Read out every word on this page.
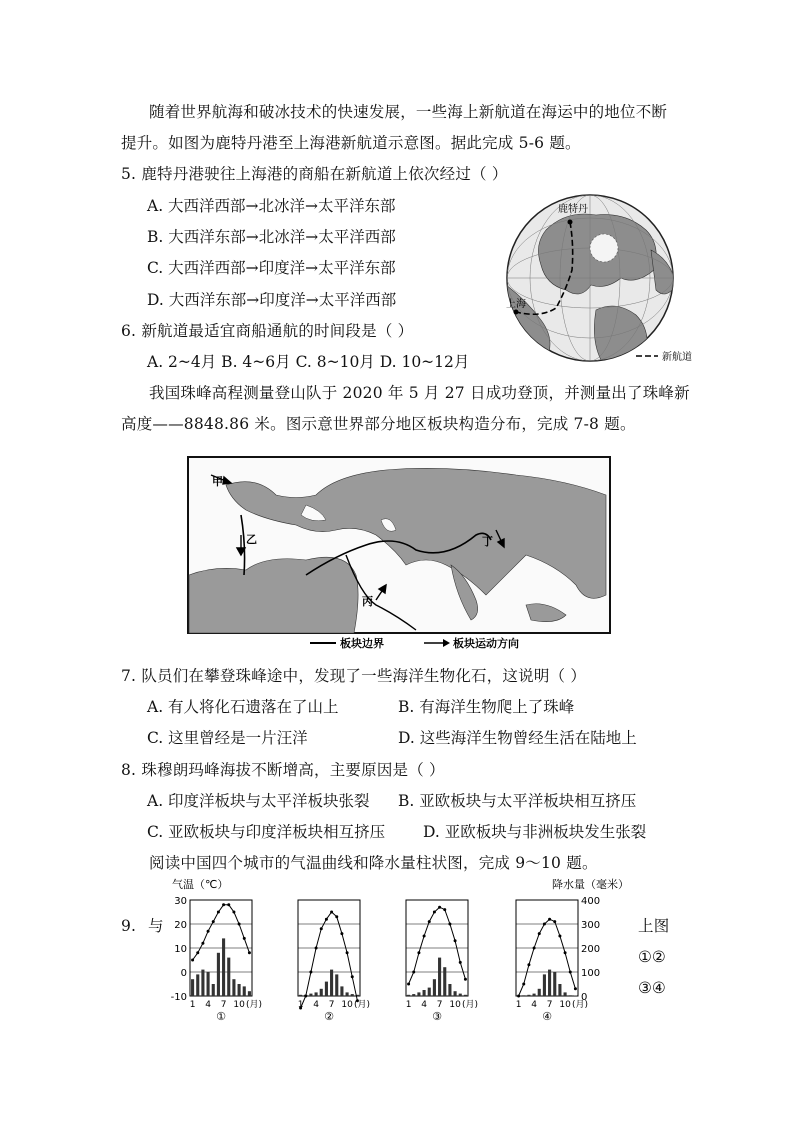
随着世界航海和破冰技术的快速发展，一些海上新航道在海运中的地位不断
提升。如图为鹿特丹港至上海港新航道示意图。据此完成 5-6 题。
5. 鹿特丹港驶往上海港的商船在新航道上依次经过（ ）
A. 大西洋西部→北冰洋→太平洋东部
B. 大西洋东部→北冰洋→太平洋西部
C. 大西洋西部→印度洋→太平洋东部
D. 大西洋东部→印度洋→太平洋西部
6. 新航道最适宜商船通航的时间段是（ ）
A. 2~4月 B. 4~6月 C. 8~10月 D. 10~12月
鹿特丹
上海
新航道
我国珠峰高程测量登山队于 2020 年 5 月 27 日成功登顶，并测量出了珠峰新
高度——8848.86 米。图示意世界部分地区板块构造分布，完成 7-8 题。
甲
乙
丙
丁
板块边界	板块运动方向
7. 队员们在攀登珠峰途中，发现了一些海洋生物化石，这说明（ ）
A. 有人将化石遗落在了山上	B. 有海洋生物爬上了珠峰
C. 这里曾经是一片汪洋	D. 这些海洋生物曾经生活在陆地上
8. 珠穆朗玛峰海拔不断增高，主要原因是（ ）
A. 印度洋板块与太平洋板块张裂 B. 亚欧板块与太平洋板块相互挤压
C. 亚欧板块与印度洋板块相互挤压 D. 亚欧板块与非洲板块发生张裂
阅读中国四个城市的气温曲线和降水量柱状图，完成 9～10 题。
9. 与	上图
①②
③④
气温（℃）	降水量（毫米）
30
20
10
0
-10
1 4 7 10 (月)
①
1 4 7 10 (月)
②
1 4 7 10 (月)
③
400
300
200
100
0
1 4 7 10 (月)
④
